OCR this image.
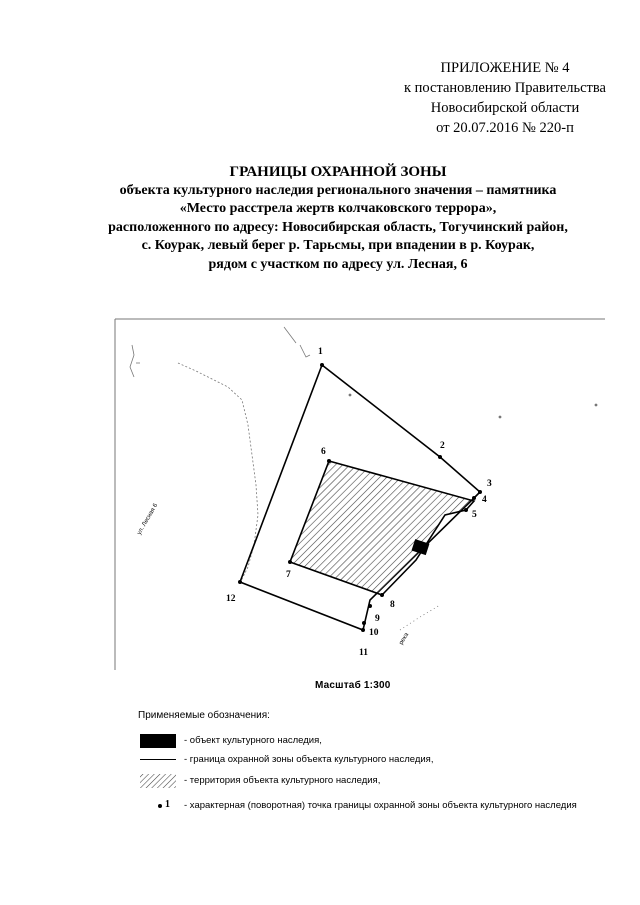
ПРИЛОЖЕНИЕ № 4
к постановлению Правительства
Новосибирской области
от 20.07.2016 № 220-п
ГРАНИЦЫ ОХРАННОЙ ЗОНЫ
объекта культурного наследия регионального значения – памятника
«Место расстрела жертв колчаковского террора»,
расположенного по адресу: Новосибирская область, Тогучинский район,
с. Коурак, левый берег р. Тарьсмы, при впадении в р. Коурак,
рядом с участком по адресу ул. Лесная, 6
ул. Лесная 6
река
1
2
3
4
5
6
7
8
9
10
11
12
Масштаб 1:300
Применяемые обозначения:
- объект культурного наследия,
- граница охранной зоны объекта культурного наследия,
- территория объекта культурного наследия,
1 - характерная (поворотная) точка границы охранной зоны объекта культурного наследия
